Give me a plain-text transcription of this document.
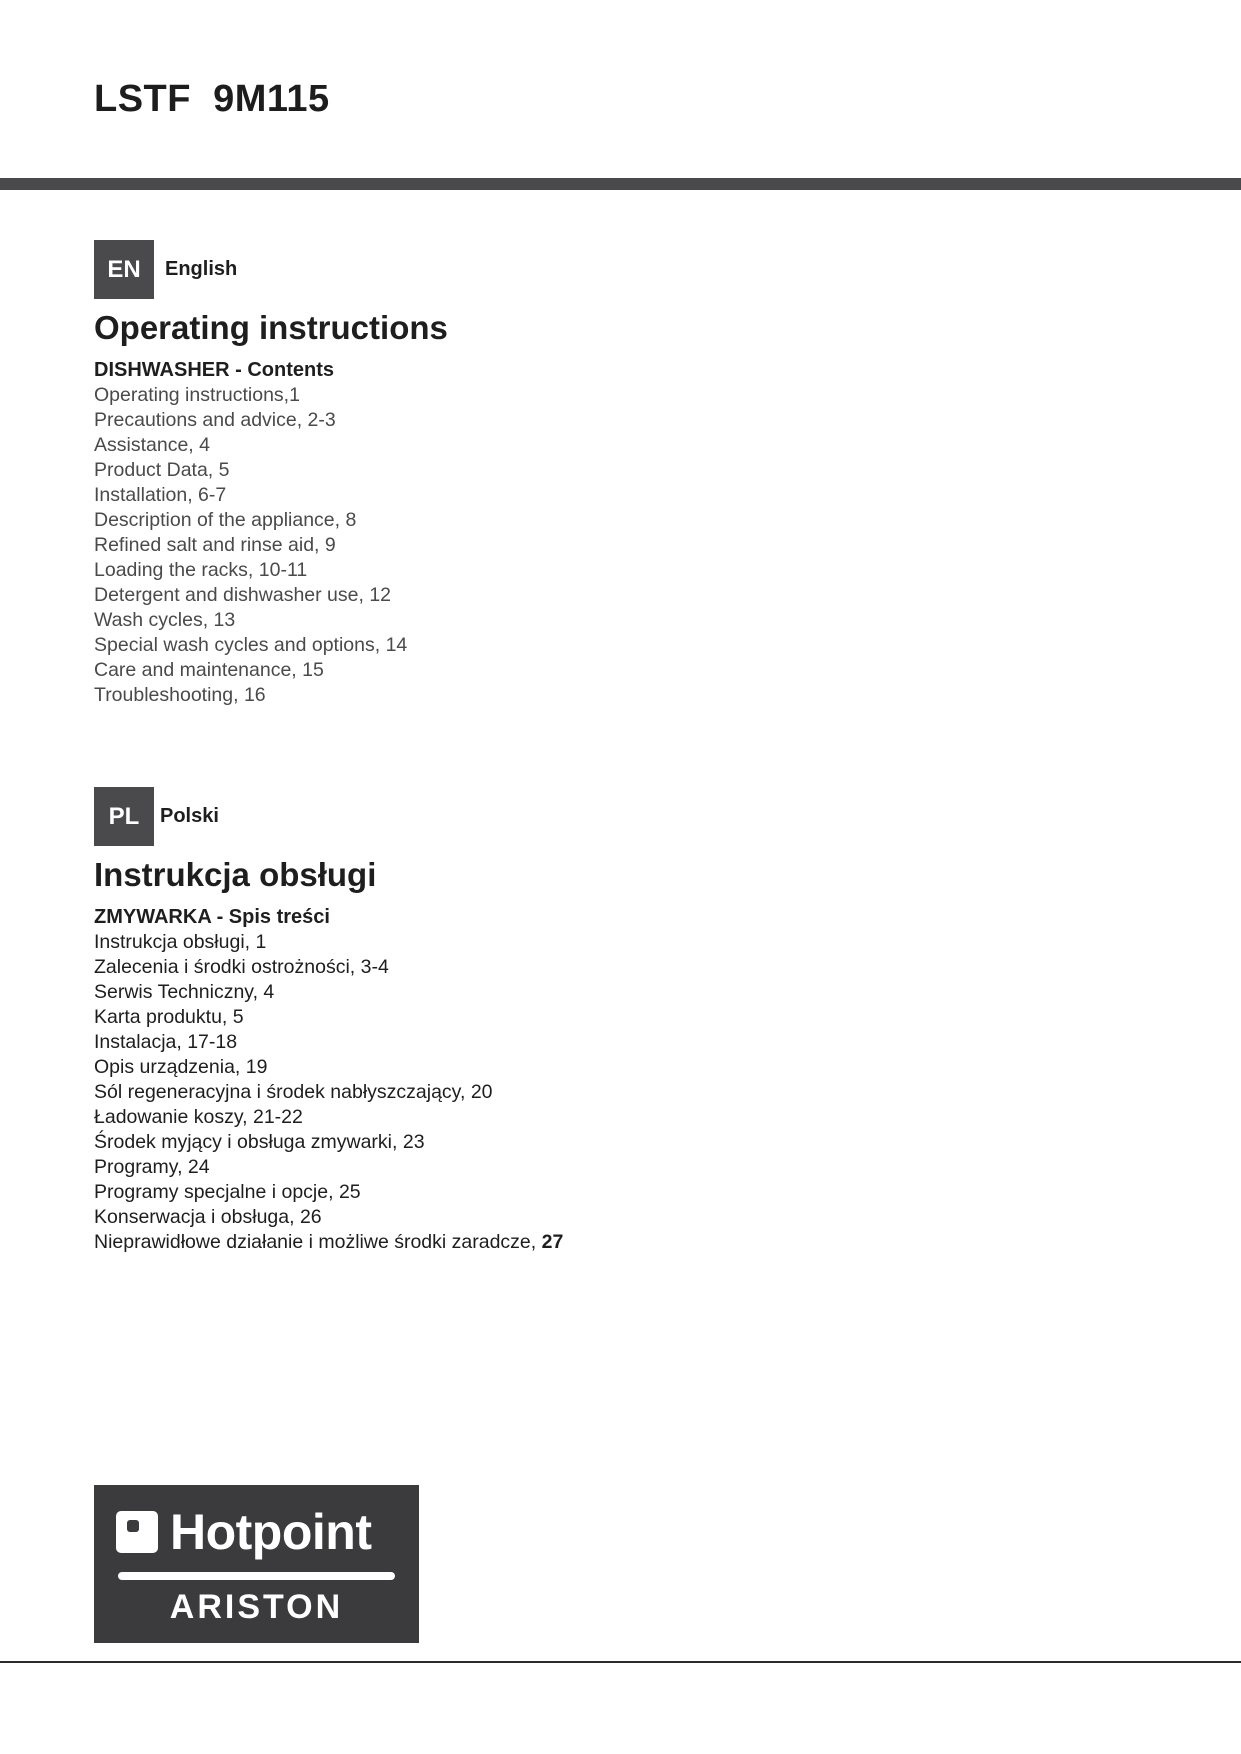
LSTF  9M115
EN	English
Operating instructions
DISHWASHER - Contents
Operating instructions,1
Precautions and advice, 2-3
Assistance, 4
Product Data, 5
Installation, 6-7
Description of the appliance, 8
Refined salt and rinse aid, 9
Loading the racks, 10-11
Detergent and dishwasher use, 12
Wash cycles, 13
Special wash cycles and options, 14
Care and maintenance, 15
Troubleshooting, 16
PL	Polski
Instrukcja obsługi
ZMYWARKA - Spis treści
Instrukcja obsługi, 1
Zalecenia i środki ostrożności, 3-4
Serwis Techniczny, 4
Karta produktu, 5
Instalacja, 17-18
Opis urządzenia, 19
Sól regeneracyjna i środek nabłyszczający, 20
Ładowanie koszy, 21-22
Środek myjący i obsługa zmywarki, 23
Programy, 24
Programy specjalne i opcje, 25
Konserwacja i obsługa, 26
Nieprawidłowe działanie i możliwe środki zaradcze, 27
Hotpoint
ARISTON
